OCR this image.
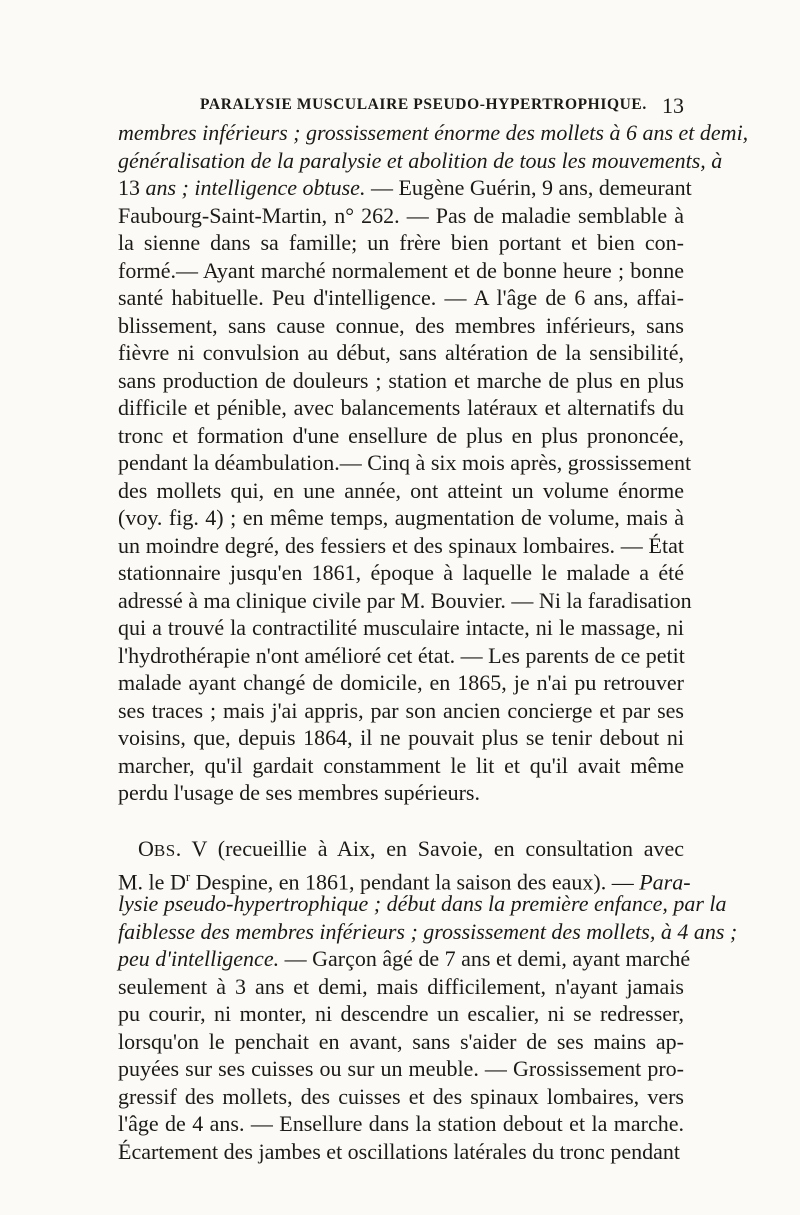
PARALYSIE MUSCULAIRE PSEUDO-HYPERTROPHIQUE. 13
membres inférieurs ; grossissement énorme des mollets à 6 ans et demi,
généralisation de la paralysie et abolition de tous les mouvements, à
13 ans ; intelligence obtuse. — Eugène Guérin, 9 ans, demeurant
Faubourg-Saint-Martin, n° 262. — Pas de maladie semblable à
la sienne dans sa famille; un frère bien portant et bien con-
formé.— Ayant marché normalement et de bonne heure ; bonne
santé habituelle. Peu d'intelligence. — A l'âge de 6 ans, affai-
blissement, sans cause connue, des membres inférieurs, sans
fièvre ni convulsion au début, sans altération de la sensibilité,
sans production de douleurs ; station et marche de plus en plus
difficile et pénible, avec balancements latéraux et alternatifs du
tronc et formation d'une ensellure de plus en plus prononcée,
pendant la déambulation.— Cinq à six mois après, grossissement
des mollets qui, en une année, ont atteint un volume énorme
(voy. fig. 4) ; en même temps, augmentation de volume, mais à
un moindre degré, des fessiers et des spinaux lombaires. — État
stationnaire jusqu'en 1861, époque à laquelle le malade a été
adressé à ma clinique civile par M. Bouvier. — Ni la faradisation
qui a trouvé la contractilité musculaire intacte, ni le massage, ni
l'hydrothérapie n'ont amélioré cet état. — Les parents de ce petit
malade ayant changé de domicile, en 1865, je n'ai pu retrouver
ses traces ; mais j'ai appris, par son ancien concierge et par ses
voisins, que, depuis 1864, il ne pouvait plus se tenir debout ni
marcher, qu'il gardait constamment le lit et qu'il avait même
perdu l'usage de ses membres supérieurs.
OBS. V (recueillie à Aix, en Savoie, en consultation avec
M. le $D^r$ Despine, en 1861, pendant la saison des eaux). — Para-
lysie pseudo-hypertrophique ; début dans la première enfance, par la
faiblesse des membres inférieurs ; grossissement des mollets, à 4 ans ;
peu d'intelligence. — Garçon âgé de 7 ans et demi, ayant marché
seulement à 3 ans et demi, mais difficilement, n'ayant jamais
pu courir, ni monter, ni descendre un escalier, ni se redresser,
lorsqu'on le penchait en avant, sans s'aider de ses mains ap-
puyées sur ses cuisses ou sur un meuble. — Grossissement pro-
gressif des mollets, des cuisses et des spinaux lombaires, vers
l'âge de 4 ans. — Ensellure dans la station debout et la marche.
Écartement des jambes et oscillations latérales du tronc pendant
